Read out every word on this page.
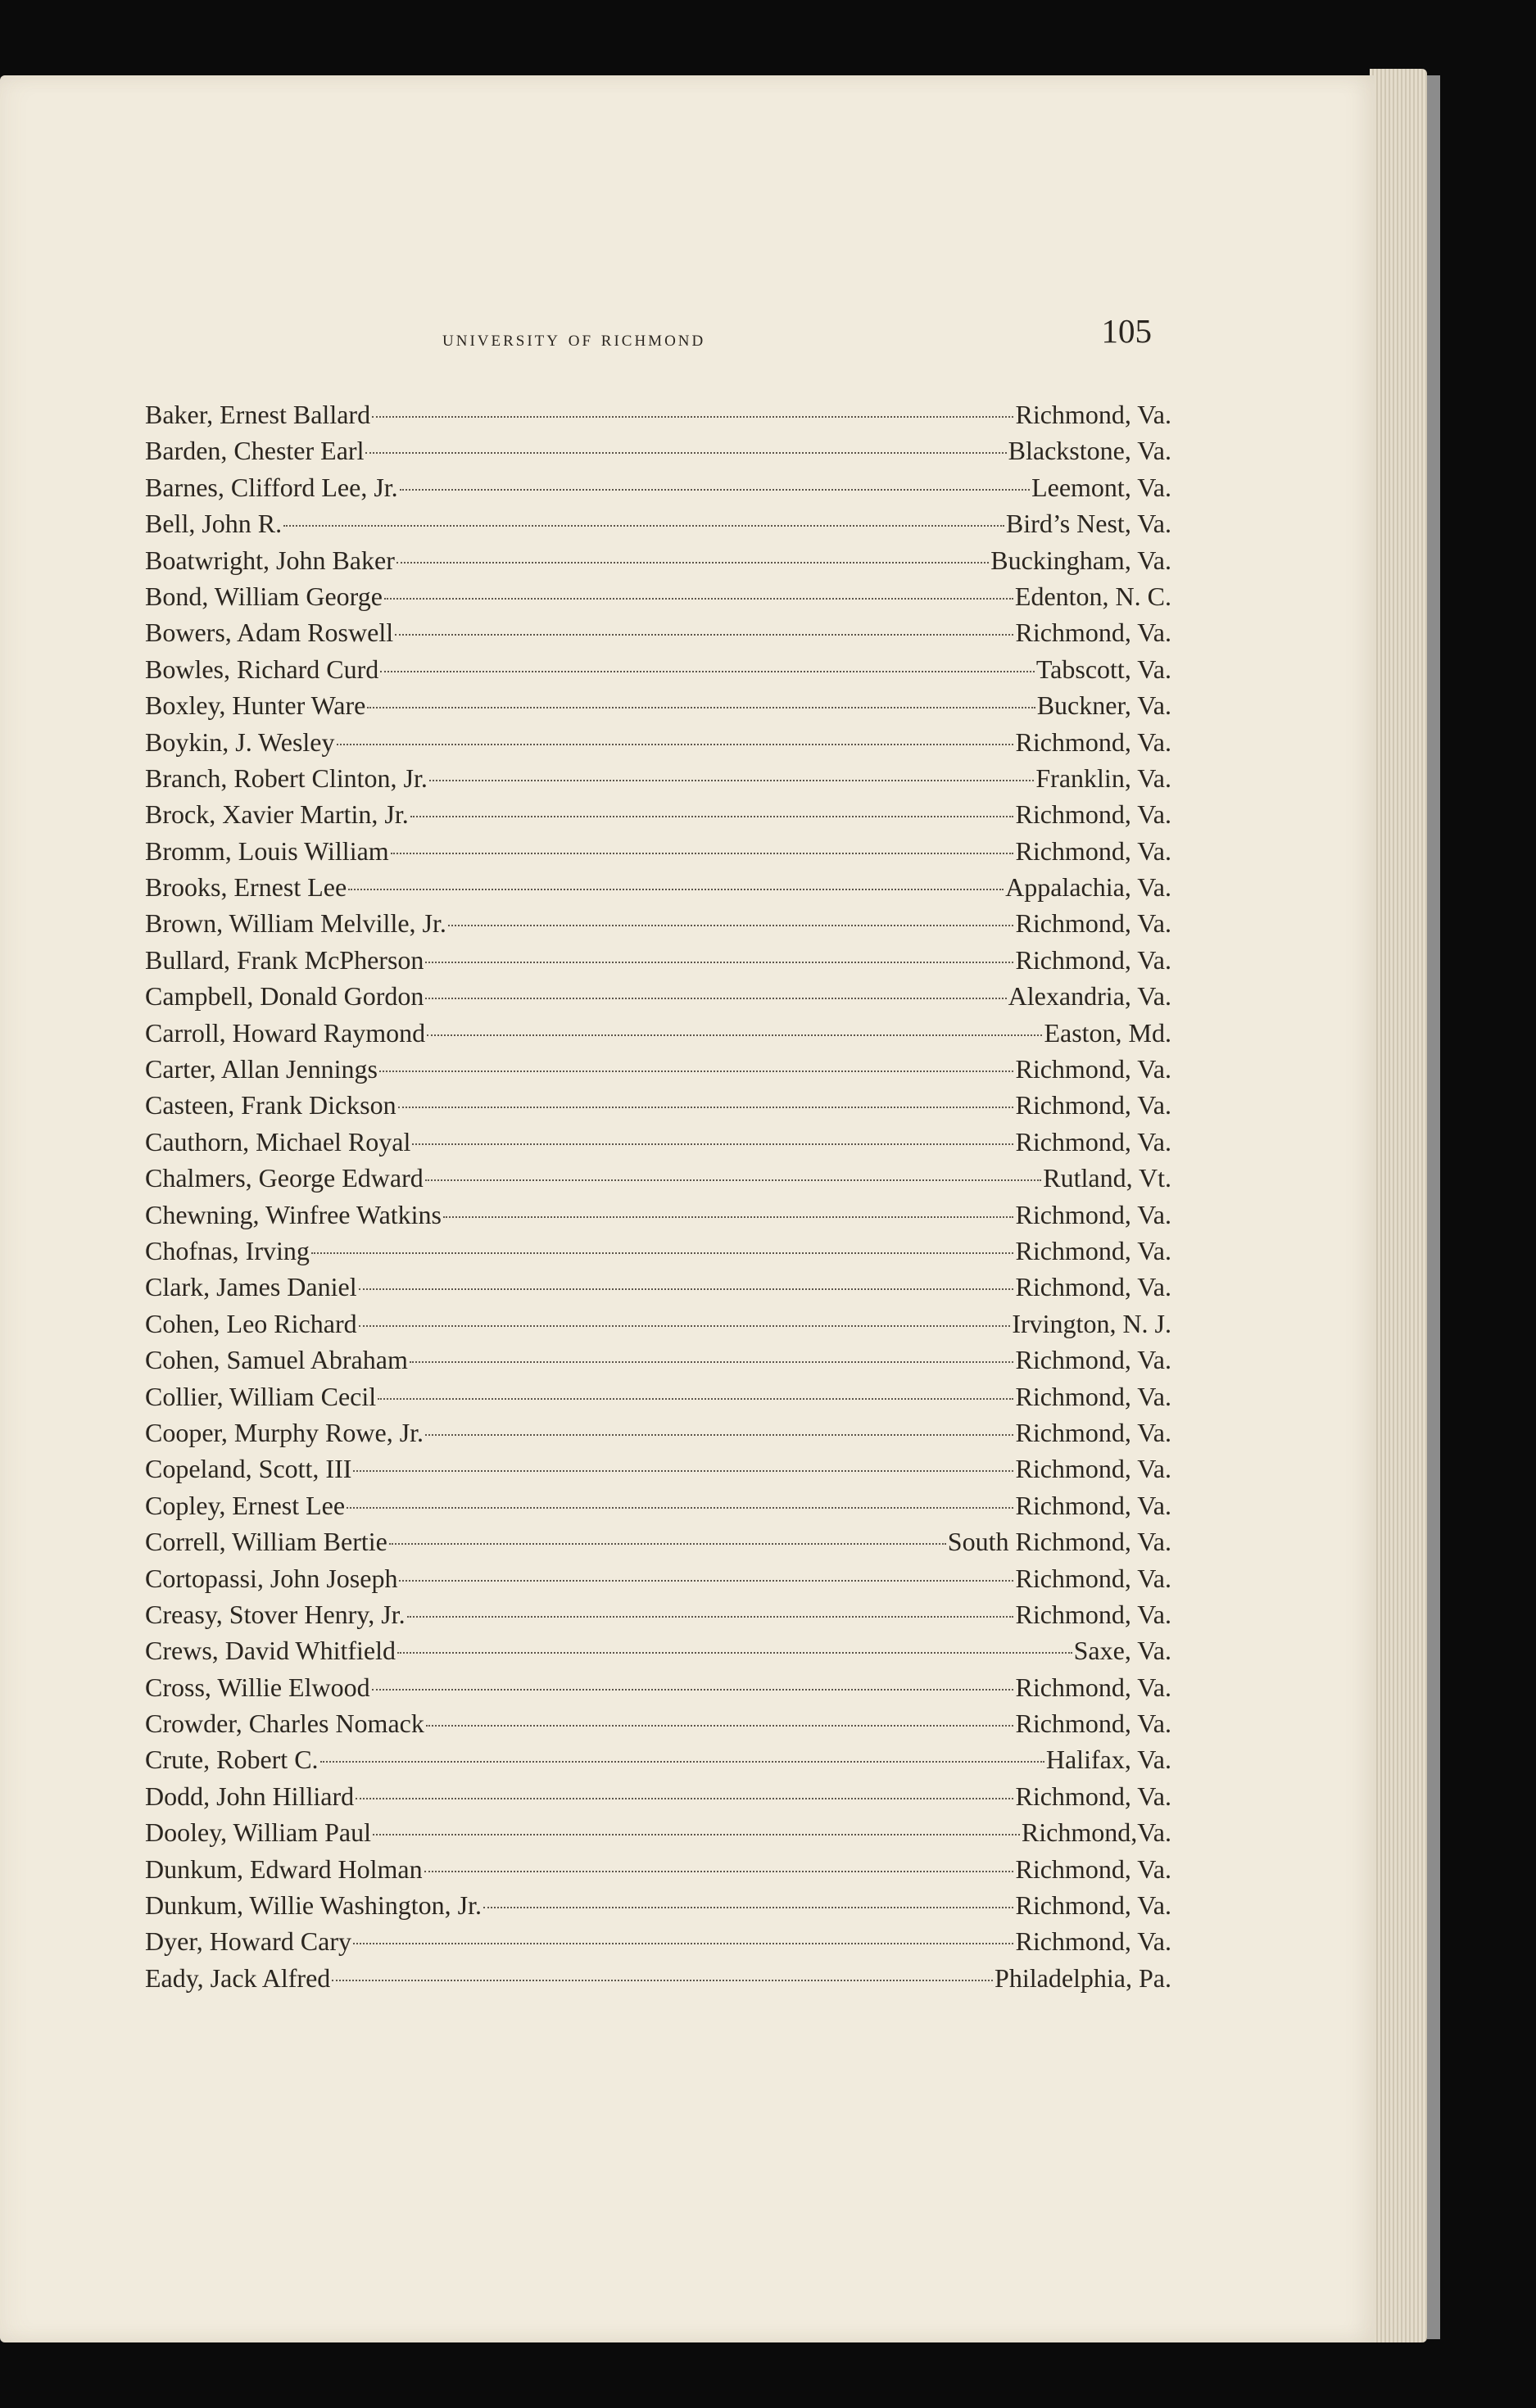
university of richmond	105
Baker, Ernest Ballard	Richmond, Va.
Barden, Chester Earl	Blackstone, Va.
Barnes, Clifford Lee, Jr.	Leemont, Va.
Bell, John R.	Bird’s Nest, Va.
Boatwright, John Baker	Buckingham, Va.
Bond, William George	Edenton, N. C.
Bowers, Adam Roswell	Richmond, Va.
Bowles, Richard Curd	Tabscott, Va.
Boxley, Hunter Ware	Buckner, Va.
Boykin, J. Wesley	Richmond, Va.
Branch, Robert Clinton, Jr.	Franklin, Va.
Brock, Xavier Martin, Jr.	Richmond, Va.
Bromm, Louis William	Richmond, Va.
Brooks, Ernest Lee	Appalachia, Va.
Brown, William Melville, Jr.	Richmond, Va.
Bullard, Frank McPherson	Richmond, Va.
Campbell, Donald Gordon	Alexandria, Va.
Carroll, Howard Raymond	Easton, Md.
Carter, Allan Jennings	Richmond, Va.
Casteen, Frank Dickson	Richmond, Va.
Cauthorn, Michael Royal	Richmond, Va.
Chalmers, George Edward	Rutland, Vt.
Chewning, Winfree Watkins	Richmond, Va.
Chofnas, Irving	Richmond, Va.
Clark, James Daniel	Richmond, Va.
Cohen, Leo Richard	Irvington, N. J.
Cohen, Samuel Abraham	Richmond, Va.
Collier, William Cecil	Richmond, Va.
Cooper, Murphy Rowe, Jr.	Richmond, Va.
Copeland, Scott, III	Richmond, Va.
Copley, Ernest Lee	Richmond, Va.
Correll, William Bertie	South Richmond, Va.
Cortopassi, John Joseph	Richmond, Va.
Creasy, Stover Henry, Jr.	Richmond, Va.
Crews, David Whitfield	Saxe, Va.
Cross, Willie Elwood	Richmond, Va.
Crowder, Charles Nomack	Richmond, Va.
Crute, Robert C.	Halifax, Va.
Dodd, John Hilliard	Richmond, Va.
Dooley, William Paul	Richmond,Va.
Dunkum, Edward Holman	Richmond, Va.
Dunkum, Willie Washington, Jr.	Richmond, Va.
Dyer, Howard Cary	Richmond, Va.
Eady, Jack Alfred	Philadelphia, Pa.
